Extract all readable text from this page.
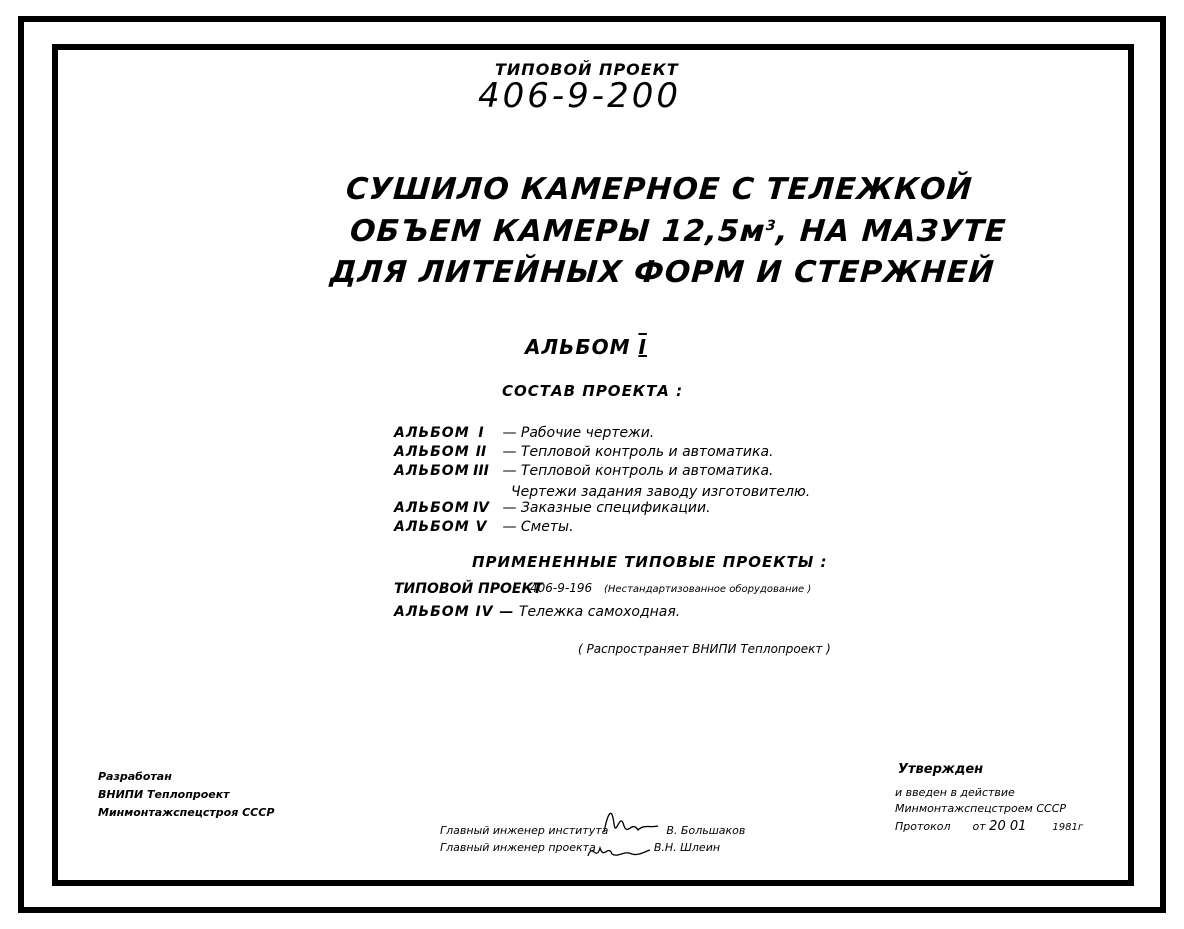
ТИПОВОЙ ПРОЕКТ
406-9-200
СУШИЛО КАМЕРНОЕ С ТЕЛЕЖКОЙ
ОБЪЕМ КАМЕРЫ $12,5м^3$, НА МАЗУТЕ
ДЛЯ ЛИТЕЙНЫХ ФОРМ И СТЕРЖНЕЙ
АЛЬБОМ I
СОСТАВ ПРОЕКТА :
АЛЬБОМ I — Рабочие чертежи.
АЛЬБОМ II — Тепловой контроль и автоматика.
АЛЬБОМ III — Тепловой контроль и автоматика.
Чертежи задания заводу изготовителю.
АЛЬБОМ IV — Заказные спецификации.
АЛЬБОМ V — Сметы.
ПРИМЕНЕННЫЕ ТИПОВЫЕ ПРОЕКТЫ :
ТИПОВОЙ ПРОЕКТ
406-9-196 (Нестандартизованное оборудование )
АЛЬБОМ IV — Тележка самоходная.
( Распространяет ВНИПИ Теплопроект )
Разработан
ВНИПИ Теплопроект
Минмонтажспецстроя СССР
Главный инженер института	В. Большаков
Главный инженер проекта	В.Н. Шлеин
Утвержден
и введен в действие
Минмонтажспецстроем СССР
Протокол от 20 01	1981г
